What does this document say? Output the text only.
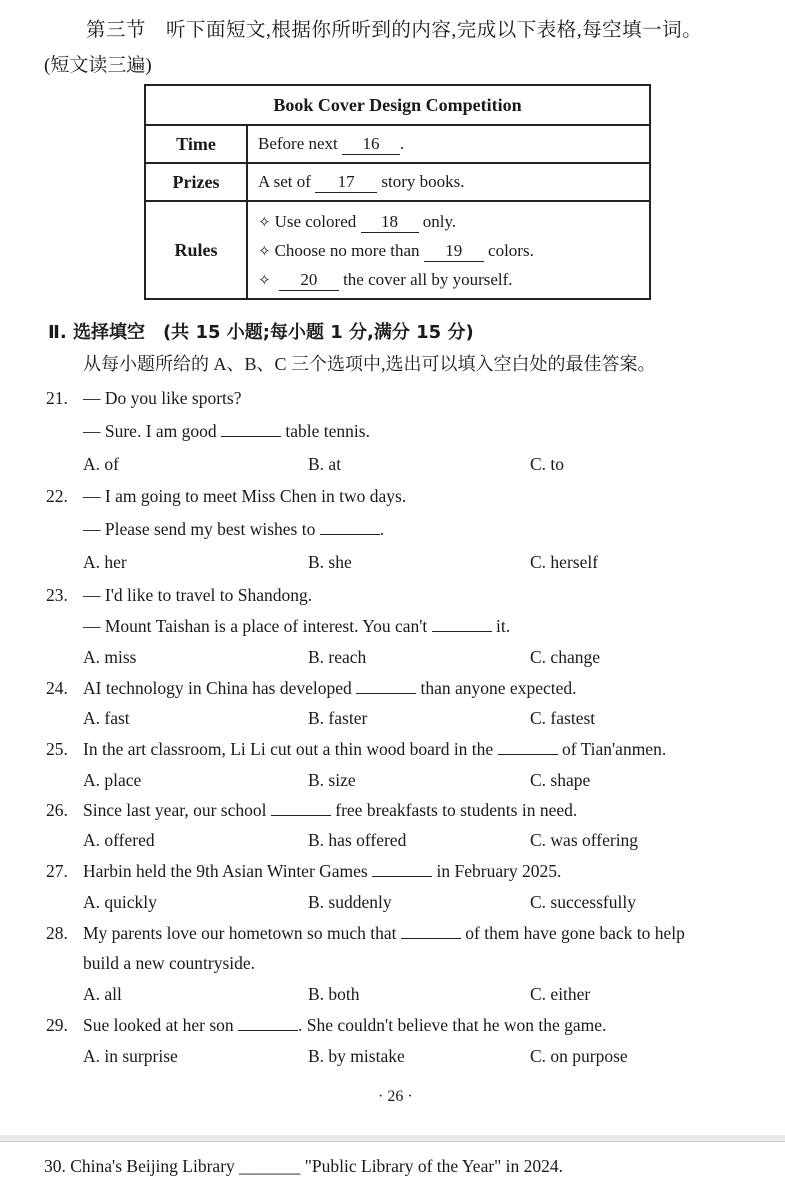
第三节　听下面短文,根据你所听到的内容,完成以下表格,每空填一词。
(短文读三遍)
Book Cover Design Competition	
Time	Before next 16 .
Prizes	A set of 17 story books.
Rules	✧ Use colored 18 only.
✧ Choose no more than 19 colors.
✧ 20 the cover all by yourself.
Ⅱ. 选择填空　(共 15 小题;每小题 1 分,满分 15 分)
从每小题所给的 A、B、C 三个选项中,选出可以填入空白处的最佳答案。
21. — Do you like sports?
— Sure. I am good	table tennis.
A. of	B. at	C. to
22. — I am going to meet Miss Chen in two days.
— Please send my best wishes to	.
A. her	B. she	C. herself
23. — I'd like to travel to Shandong.
— Mount Taishan is a place of interest. You can't	it.
A. miss	B. reach	C. change
24. AI technology in China has developed	than anyone expected.
A. fast	B. faster	C. fastest
25. In the art classroom, Li Li cut out a thin wood board in the	of Tian'anmen.
A. place	B. size	C. shape
26. Since last year, our school	free breakfasts to students in need.
A. offered	B. has offered	C. was offering
27. Harbin held the 9th Asian Winter Games	in February 2025.
A. quickly	B. suddenly	C. successfully
28. My parents love our hometown so much that	of them have gone back to help
build a new countryside.
A. all	B. both	C. either
29. Sue looked at her son	. She couldn't believe that he won the game.
A. in surprise	B. by mistake	C. on purpose
· 26 ·
30. China's Beijing Library _______ "Public Library of the Year" in 2024.
